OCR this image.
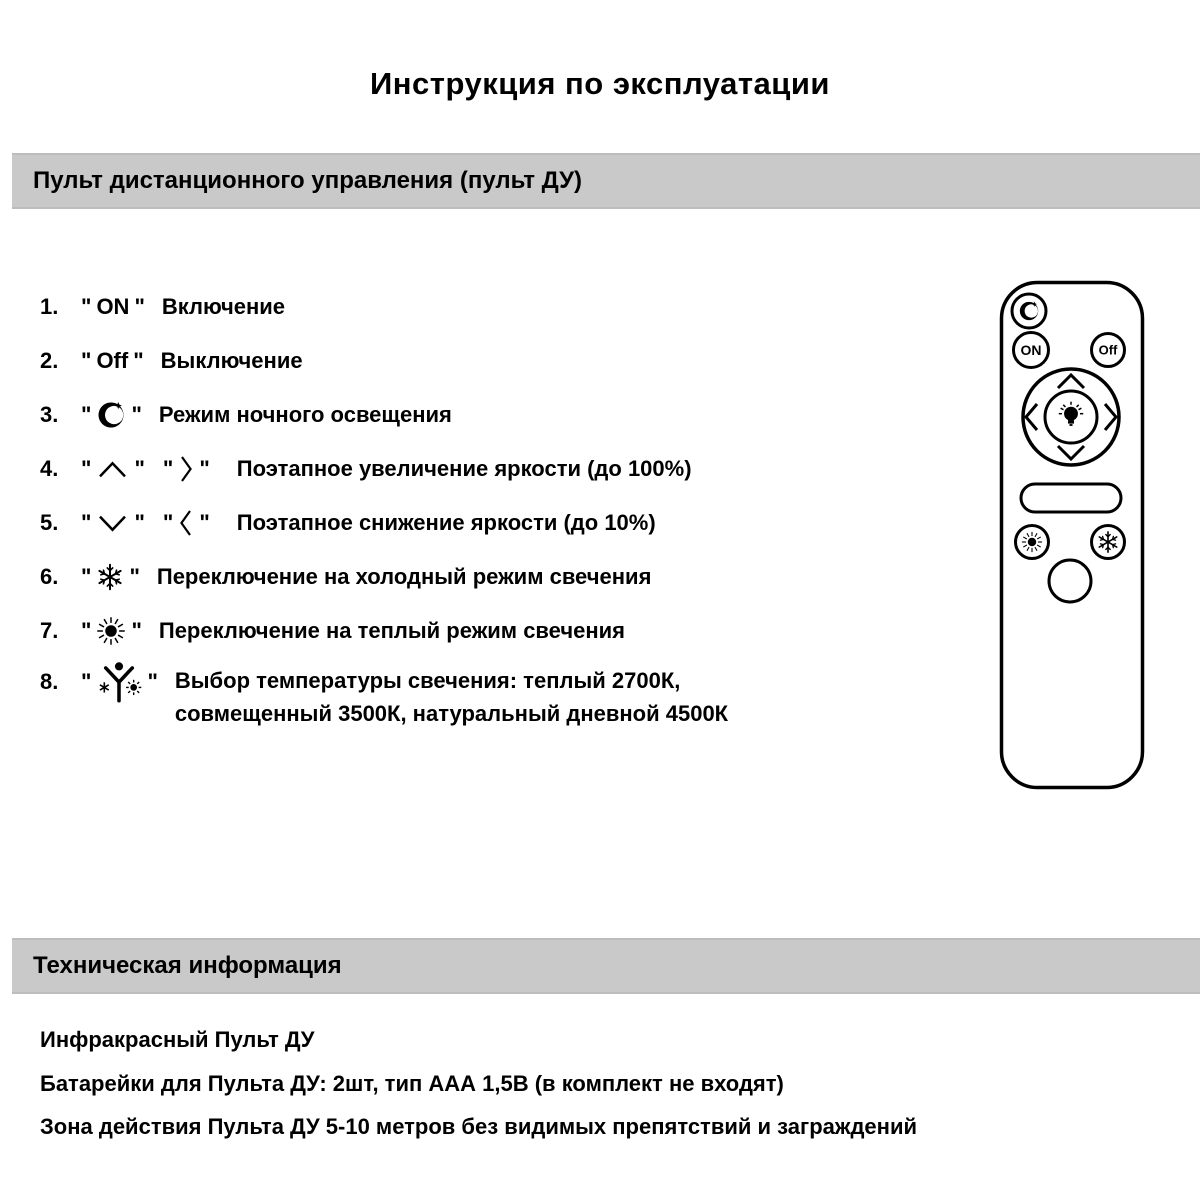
Инструкция по эксплуатации
Пульт дистанционного управления (пульт ДУ)
1.	" ON " Включение
2.	" Off " Выключение
3.	" " Режим ночного освещения
4.	" " " " Поэтапное увеличение яркости (до 100%)
5.	" " " " Поэтапное снижение яркости (до 10%)
6.	" " Переключение на холодный режим свечения
7.	" " Переключение на теплый режим свечения
8.	"	" Выбор температуры свечения: теплый 2700К,
совмещенный 3500К, натуральный дневной 4500К
ON	Off
Техническая информация
Инфракрасный Пульт ДУ
Батарейки для Пульта ДУ: 2шт, тип ААА 1,5В (в комплект не входят)
Зона действия Пульта ДУ 5-10 метров без видимых препятствий и заграждений
